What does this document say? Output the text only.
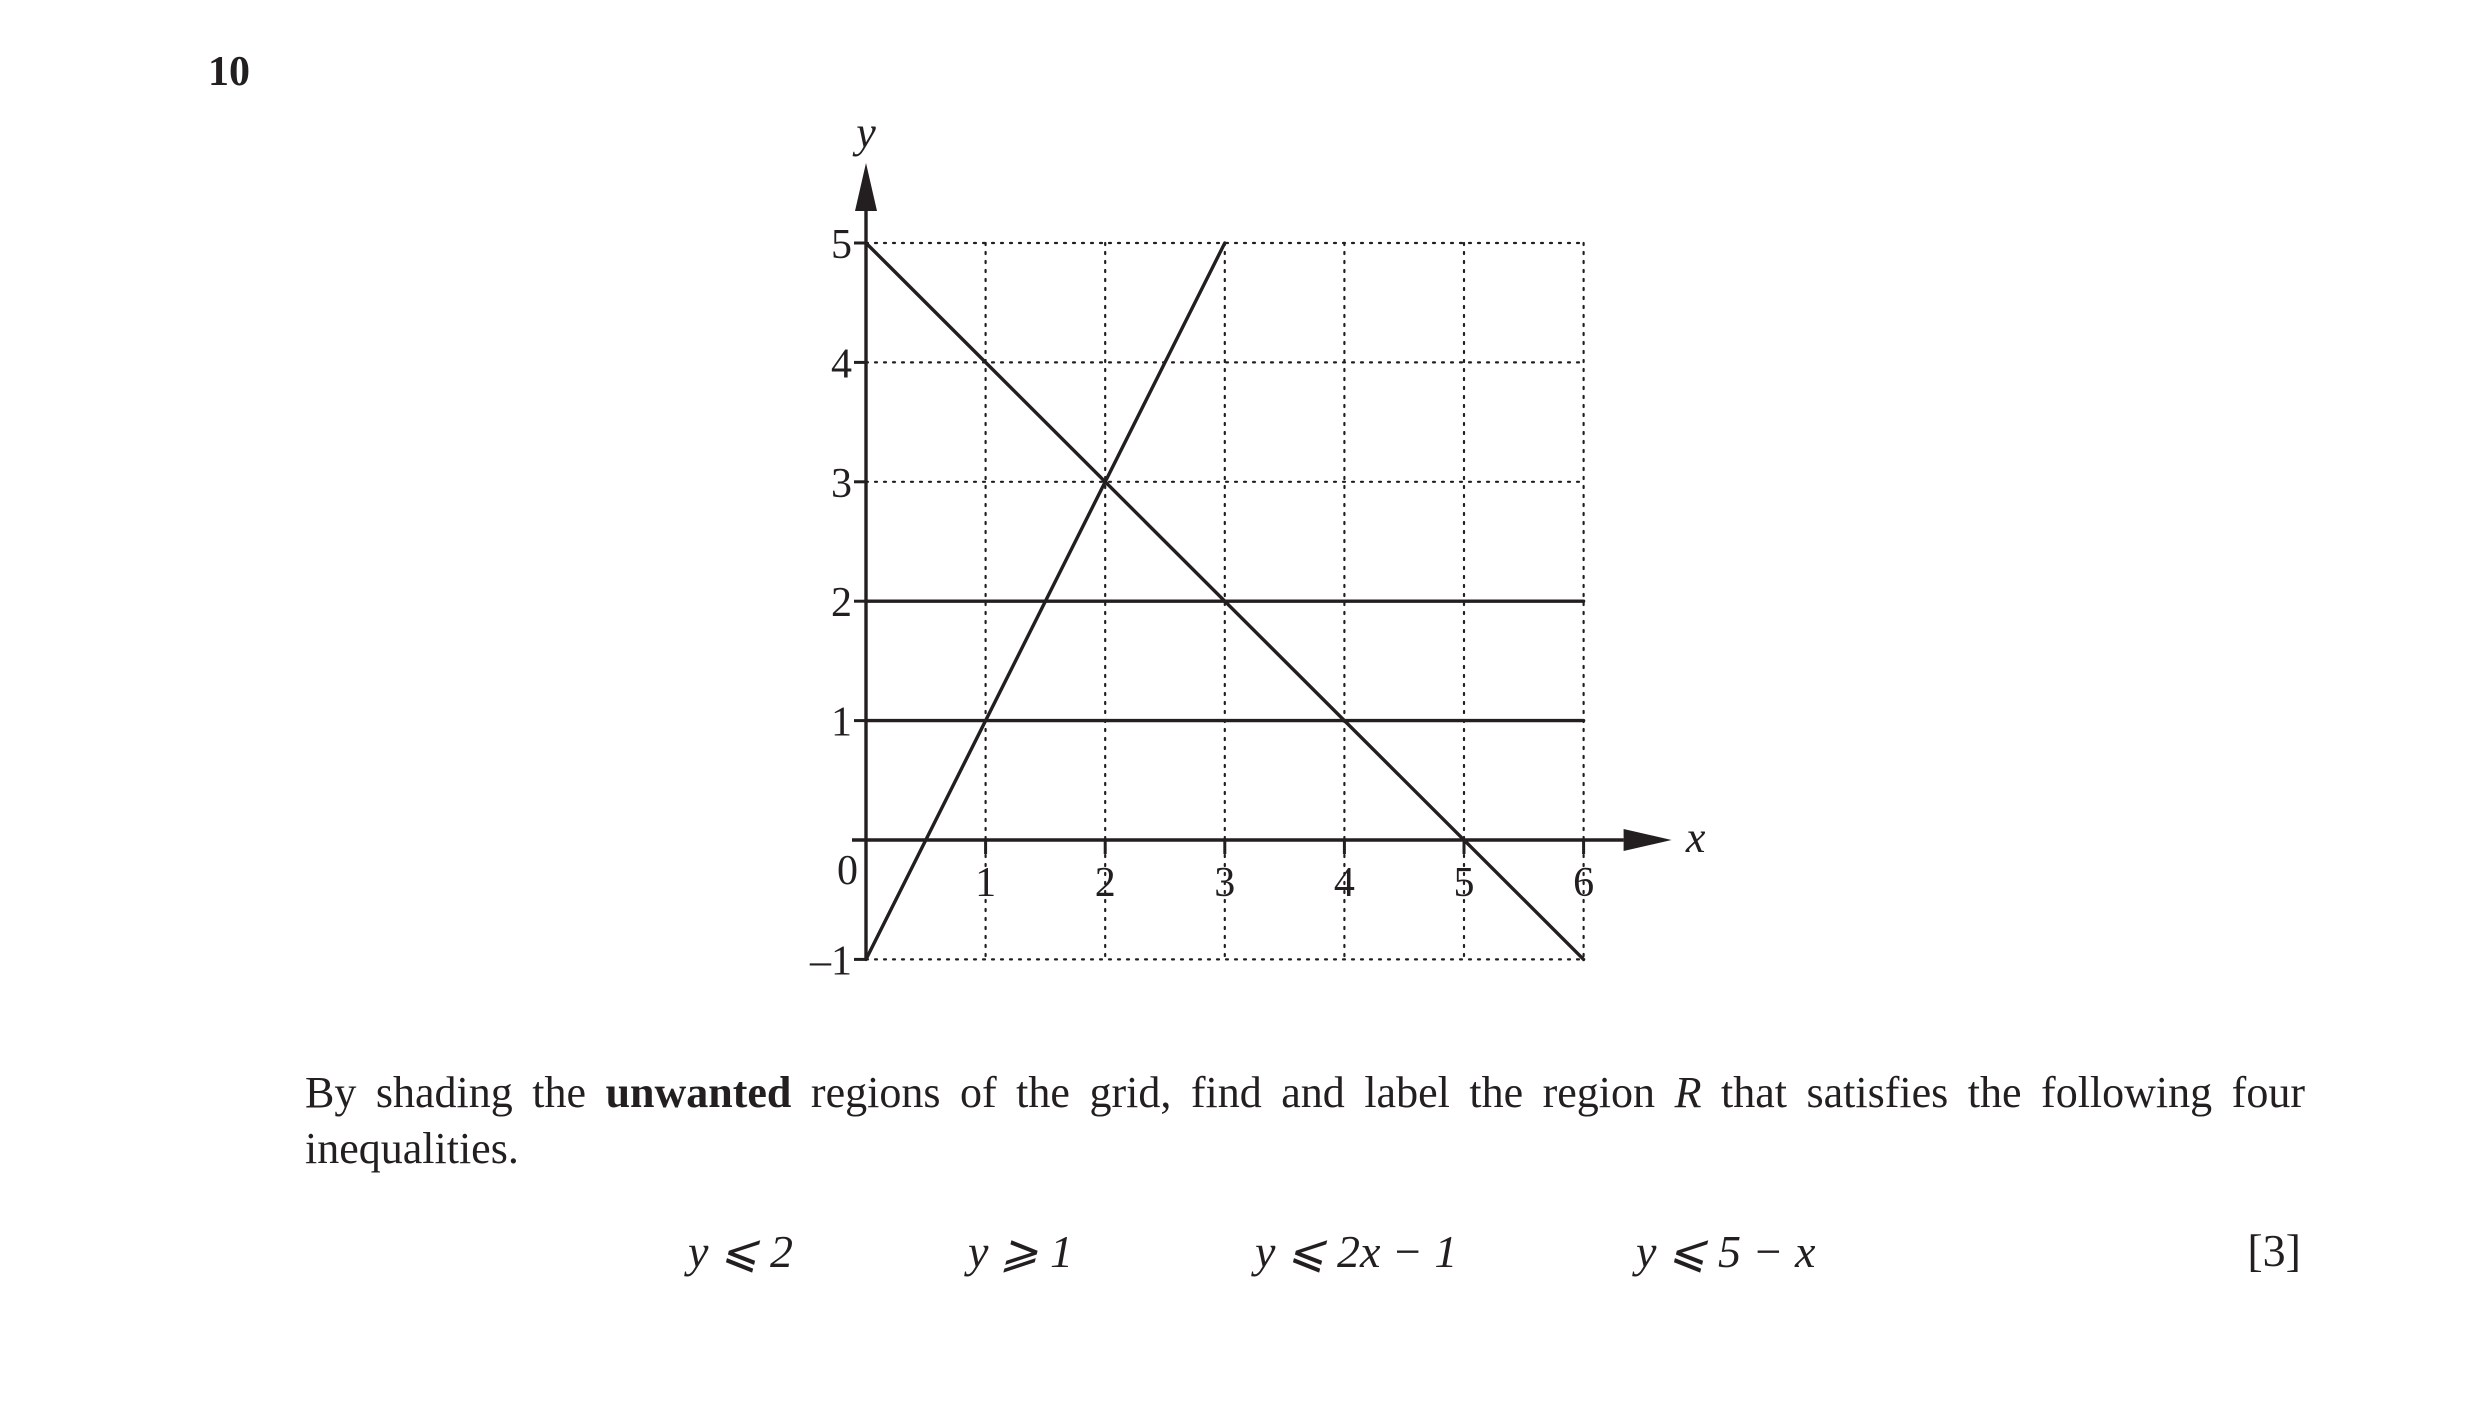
10
1 2 3 4 5 6
–1
1
2
3
4
5
0
x
y
By shading the unwanted regions of the grid, find and label the region R that satisfies the following four inequalities.
y ⩽ 2	y ⩾ 1	y ⩽ 2x − 1	y ⩽ 5 − x	[3]
